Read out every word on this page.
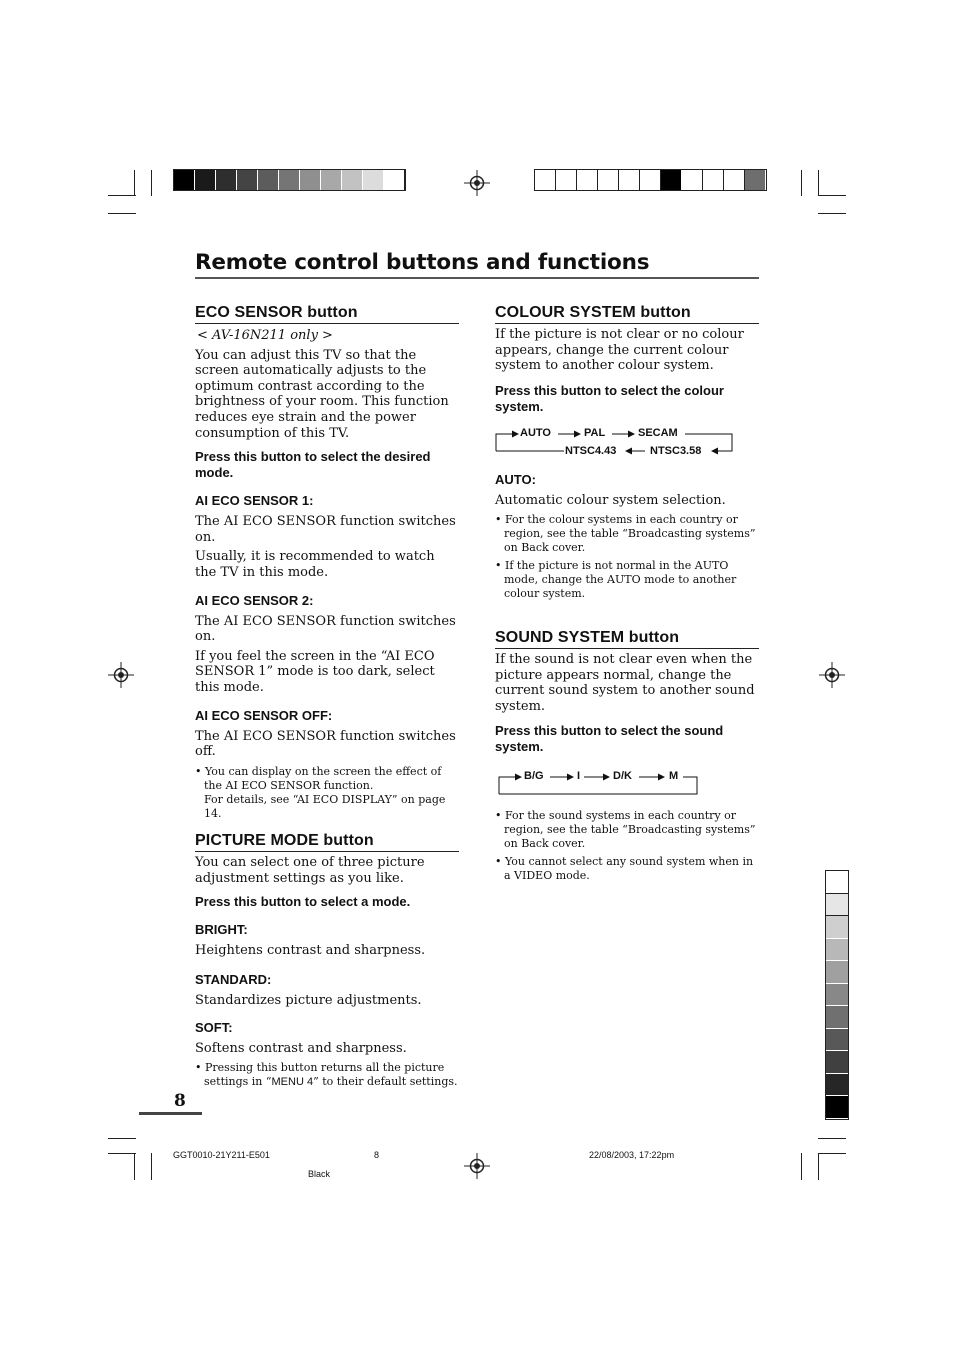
Remote control buttons and functions
ECO SENSOR button

< AV-16N211 only >

You can adjust this TV so that the screen automatically adjusts to the optimum contrast according to the brightness of your room. This function reduces eye strain and the power consumption of this TV.

Press this button to select the desired mode.

AI ECO SENSOR 1:

The AI ECO SENSOR function switches on.

Usually, it is recommended to watch the TV in this mode.

AI ECO SENSOR 2:

The AI ECO SENSOR function switches on.

If you feel the screen in the “AI ECO SENSOR 1” mode is too dark, select this mode.

AI ECO SENSOR OFF:

The AI ECO SENSOR function switches off.

• You can display on the screen the effect of the AI ECO SENSOR function.

For details, see “AI ECO DISPLAY” on page 14.

PICTURE MODE button

You can select one of three picture adjustment settings as you like.

Press this button to select a mode.

BRIGHT:

Heightens contrast and sharpness.

STANDARD:

Standardizes picture adjustments.

SOFT:

Softens contrast and sharpness.

• Pressing this button returns all the picture settings in “MENU 4” to their default settings.

COLOUR SYSTEM button

If the picture is not clear or no colour appears, change the current colour system to another colour system.

Press this button to select the colour system.

AUTO	PAL	SECAM
NTSC3.58
NTSC4.43
AUTO:

Automatic colour system selection.

• For the colour systems in each country or region, see the table “Broadcasting systems” on Back cover.

• If the picture is not normal in the AUTO mode, change the AUTO mode to another colour system.

SOUND SYSTEM button

If the sound is not clear even when the picture appears normal, change the current sound system to another sound system.

Press this button to select the sound system.

B/G	I	D/K	M

• For the sound systems in each country or region, see the table “Broadcasting systems” on Back cover.

• You cannot select any sound system when in a VIDEO mode.

8
GGT0010-21Y211-E501	8	22/08/2003, 17:22pm
Black
